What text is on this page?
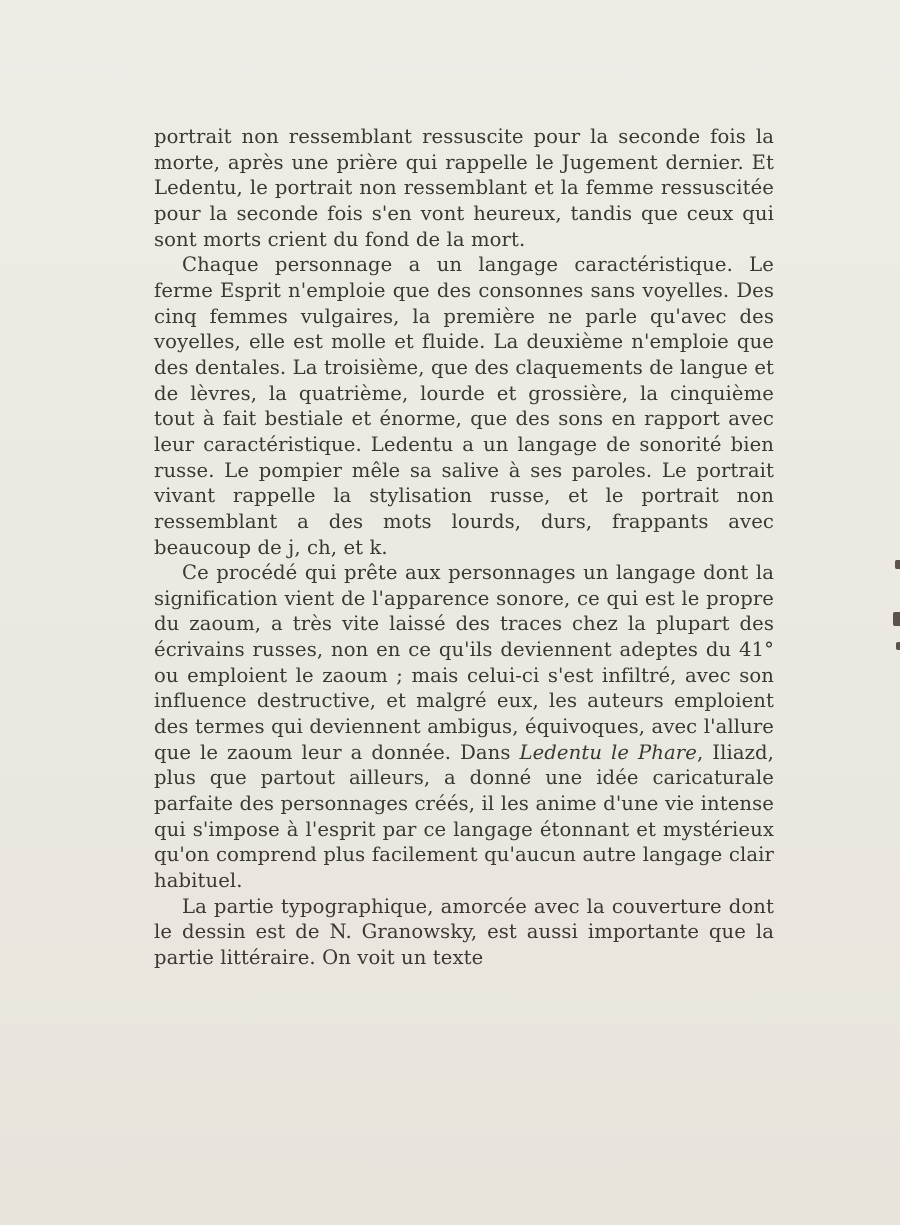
portrait non ressemblant ressuscite pour la seconde fois la morte, après une prière qui rappelle le Jugement dernier. Et Ledentu, le portrait non ressemblant et la femme ressuscitée pour la seconde fois s'en vont heureux, tandis que ceux qui sont morts crient du fond de la mort.

Chaque personnage a un langage caractéristique. Le ferme Esprit n'emploie que des consonnes sans voyelles. Des cinq femmes vulgaires, la première ne parle qu'avec des voyelles, elle est molle et fluide. La deuxième n'emploie que des dentales. La troisième, que des claquements de langue et de lèvres, la quatrième, lourde et grossière, la cinquième tout à fait bestiale et énorme, que des sons en rapport avec leur caractéristique. Ledentu a un langage de sonorité bien russe. Le pompier mêle sa salive à ses paroles. Le portrait vivant rappelle la stylisation russe, et le portrait non ressemblant a des mots lourds, durs, frappants avec beaucoup de j, ch, et k.

Ce procédé qui prête aux personnages un langage dont la signification vient de l'apparence sonore, ce qui est le propre du zaoum, a très vite laissé des traces chez la plupart des écrivains russes, non en ce qu'ils deviennent adeptes du 41° ou emploient le zaoum ; mais celui-ci s'est infiltré, avec son influence destructive, et malgré eux, les auteurs emploient des termes qui deviennent ambigus, équivoques, avec l'allure que le zaoum leur a donnée. Dans Ledentu le Phare, Iliazd, plus que partout ailleurs, a donné une idée caricaturale parfaite des personnages créés, il les anime d'une vie intense qui s'impose à l'esprit par ce langage étonnant et mystérieux qu'on comprend plus facilement qu'aucun autre langage clair habituel.

La partie typographique, amorcée avec la couverture dont le dessin est de N. Granowsky, est aussi importante que la partie littéraire. On voit un texte
